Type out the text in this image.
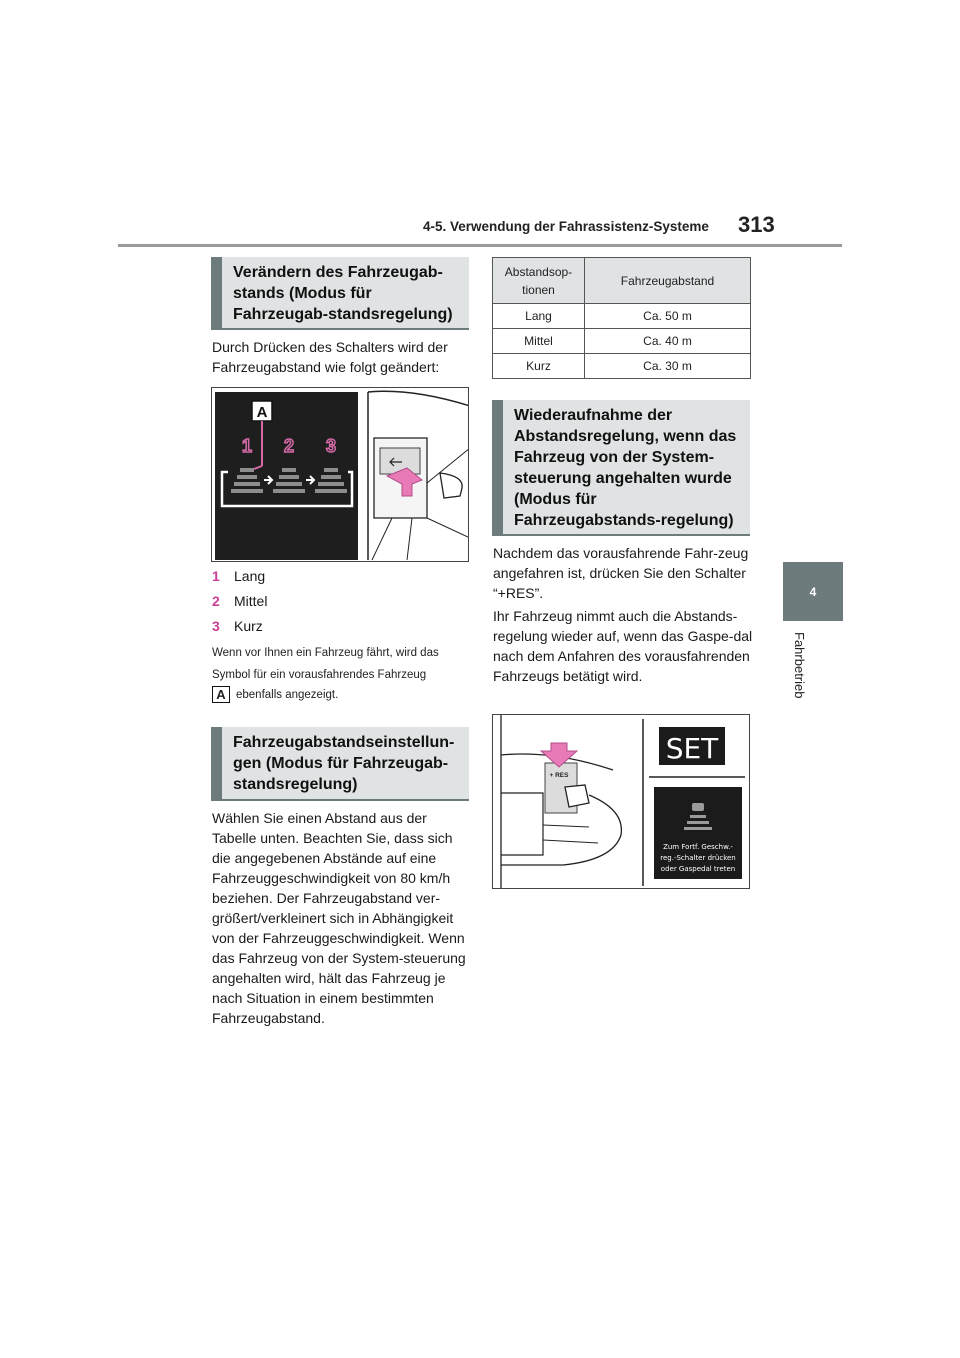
4-5. Verwendung der Fahrassistenz-Systeme 313
4
Fahrbetrieb
Verändern des Fahrzeugab-stands (Modus für Fahrzeugab-standsregelung)
Durch Drücken des Schalters wird der Fahrzeugabstand wie folgt geändert:
A
1 2 3
1	Lang
2	Mittel
3	Kurz
Wenn vor Ihnen ein Fahrzeug fährt, wird das
Symbol für ein vorausfahrendes Fahrzeug
A ebenfalls angezeigt.
Fahrzeugabstandseinstellun-gen (Modus für Fahrzeugab-standsregelung)
Wählen Sie einen Abstand aus der Tabelle unten. Beachten Sie, dass sich die angegebenen Abstände auf eine Fahrzeuggeschwindigkeit von 80 km/h beziehen. Der Fahrzeugabstand ver-größert/verkleinert sich in Abhängigkeit von der Fahrzeuggeschwindigkeit. Wenn das Fahrzeug von der System-steuerung angehalten wird, hält das Fahrzeug je nach Situation in einem bestimmten Fahrzeugabstand.
Abstandsop-tionen	Fahrzeugabstand
Lang	Ca. 50 m
Mittel	Ca. 40 m
Kurz	Ca. 30 m
Wiederaufnahme der Abstandsregelung, wenn das Fahrzeug von der System-steuerung angehalten wurde (Modus für Fahrzeugabstands-regelung)
Nachdem das vorausfahrende Fahr-zeug angefahren ist, drücken Sie den Schalter “+RES”.
Ihr Fahrzeug nimmt auch die Abstands-regelung wieder auf, wenn das Gaspe-dal nach dem Anfahren des vorausfahrenden Fahrzeugs betätigt wird.
+ RES
SET
Zum Fortf. Geschw.-
reg.-Schalter drücken
oder Gaspedal treten
